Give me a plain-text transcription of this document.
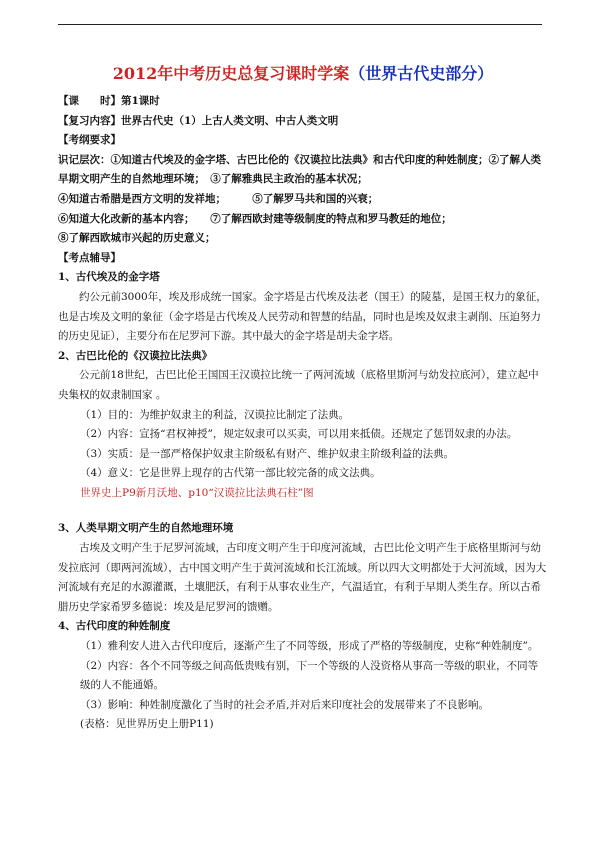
2012年中考历史总复习课时学案（世界古代史部分）

【课　　时】第1课时

【复习内容】世界古代史（1）上古人类文明、中古人类文明

【考纲要求】

识记层次：①知道古代埃及的金字塔、古巴比伦的《汉谟拉比法典》和古代印度的种姓制度；②了解人类早期文明产生的自然地理环境；　③了解雅典民主政治的基本状况；

④知道古希腊是西方文明的发祥地；　　　⑤了解罗马共和国的兴衰；

⑥知道大化改新的基本内容；　　⑦了解西欧封建等级制度的特点和罗马教廷的地位；

⑧了解西欧城市兴起的历史意义；

【考点辅导】

1、古代埃及的金字塔

约公元前3000年，埃及形成统一国家。金字塔是古代埃及法老（国王）的陵墓，是国王权力的象征，也是古埃及文明的象征（金字塔是古代埃及人民劳动和智慧的结晶，同时也是埃及奴隶主剥削、压迫努力的历史见证），主要分布在尼罗河下游。其中最大的金字塔是胡夫金字塔。

2、古巴比伦的《汉谟拉比法典》

公元前18世纪，古巴比伦王国国王汉谟拉比统一了两河流域（底格里斯河与幼发拉底河），建立起中央集权的奴隶制国家 。

（1）目的：为维护奴隶主的利益，汉谟拉比制定了法典。

（2）内容：宣扬“君权神授”，规定奴隶可以买卖，可以用来抵债。还规定了惩罚奴隶的办法。

（3）实质：是一部严格保护奴隶主阶级私有财产、维护奴隶主阶级利益的法典。

（4）意义：它是世界上现存的古代第一部比较完备的成文法典。

世界史上P9新月沃地、p10“汉谟拉比法典石柱”图

3、人类早期文明产生的自然地理环境

古埃及文明产生于尼罗河流域，古印度文明产生于印度河流域，古巴比伦文明产生于底格里斯河与幼发拉底河（即两河流域），古中国文明产生于黄河流域和长江流域。所以四大文明都处于大河流域，因为大河流域有充足的水源灌溉，土壤肥沃，有利于从事农业生产，气温适宜，有利于早期人类生存。所以古希腊历史学家希罗多德说：埃及是尼罗河的馈赠。

4、古代印度的种姓制度

（1）雅利安人进入古代印度后，逐渐产生了不同等级，形成了严格的等级制度，史称“种姓制度”。

（2）内容：各个不同等级之间高低贵贱有别，下一个等级的人没资格从事高一等级的职业，不同等级的人不能通婚。

（3）影响：种姓制度激化了当时的社会矛盾,并对后来印度社会的发展带来了不良影响。

(表格：见世界历史上册P11)
